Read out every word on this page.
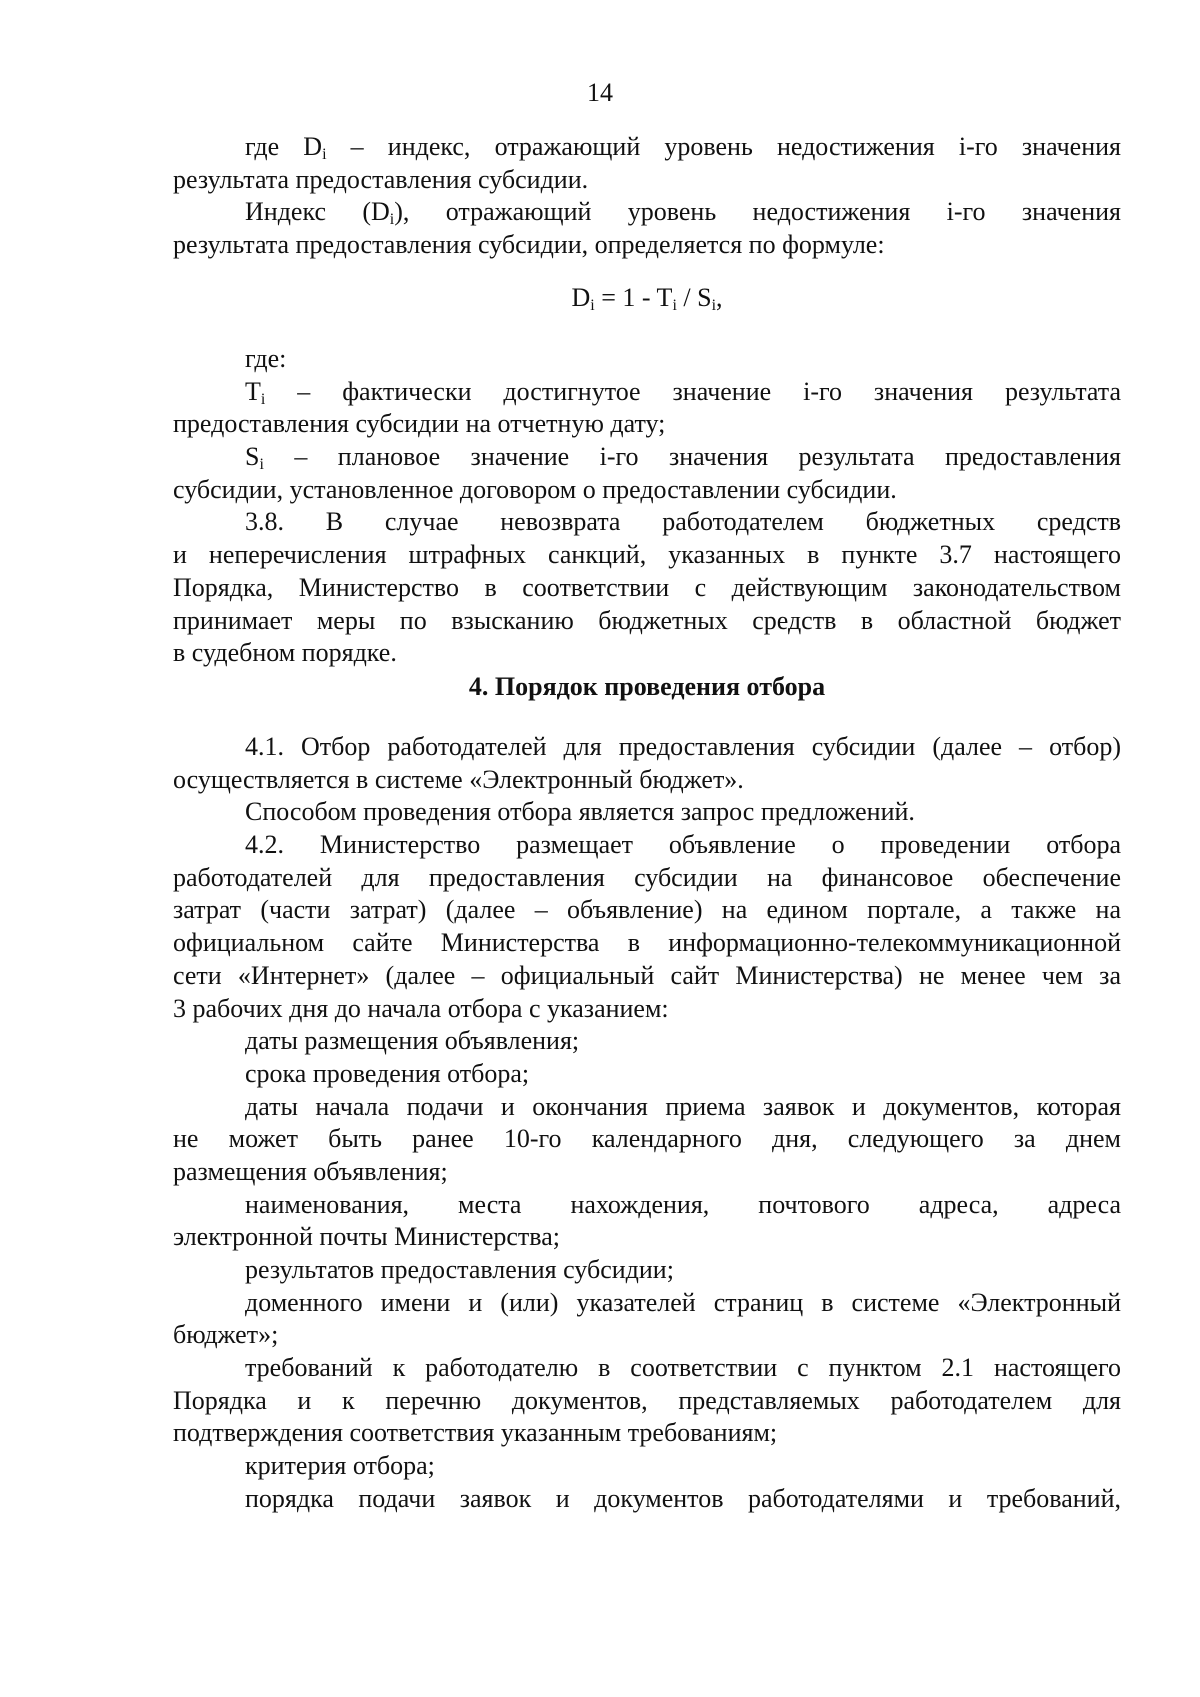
14
где $D_i$ – индекс, отражающий уровень недостижения i-го значения
результата предоставления субсидии.
Индекс $(D_i)$, отражающий уровень недостижения i-го значения
результата предоставления субсидии, определяется по формуле:
$D_i = 1 - T_i / S_i$,
где:
$T_i$ – фактически достигнутое значение i-го значения результата
предоставления субсидии на отчетную дату;
$S_i$ – плановое значение i-го значения результата предоставления
субсидии, установленное договором о предоставлении субсидии.
3.8. В случае невозврата работодателем бюджетных средств
и неперечисления штрафных санкций, указанных в пункте 3.7 настоящего
Порядка, Министерство в соответствии с действующим законодательством
принимает меры по взысканию бюджетных средств в областной бюджет
в судебном порядке.
4. Порядок проведения отбора
4.1. Отбор работодателей для предоставления субсидии (далее – отбор)
осуществляется в системе «Электронный бюджет».
Способом проведения отбора является запрос предложений.
4.2. Министерство размещает объявление о проведении отбора
работодателей для предоставления субсидии на финансовое обеспечение
затрат (части затрат) (далее – объявление) на едином портале, а также на
официальном сайте Министерства в информационно-телекоммуникационной
сети «Интернет» (далее – официальный сайт Министерства) не менее чем за
3 рабочих дня до начала отбора с указанием:
даты размещения объявления;
срока проведения отбора;
даты начала подачи и окончания приема заявок и документов, которая
не может быть ранее 10-го календарного дня, следующего за днем
размещения объявления;
наименования, места нахождения, почтового адреса, адреса
электронной почты Министерства;
результатов предоставления субсидии;
доменного имени и (или) указателей страниц в системе «Электронный
бюджет»;
требований к работодателю в соответствии с пунктом 2.1 настоящего
Порядка и к перечню документов, представляемых работодателем для
подтверждения соответствия указанным требованиям;
критерия отбора;
порядка подачи заявок и документов работодателями и требований,
